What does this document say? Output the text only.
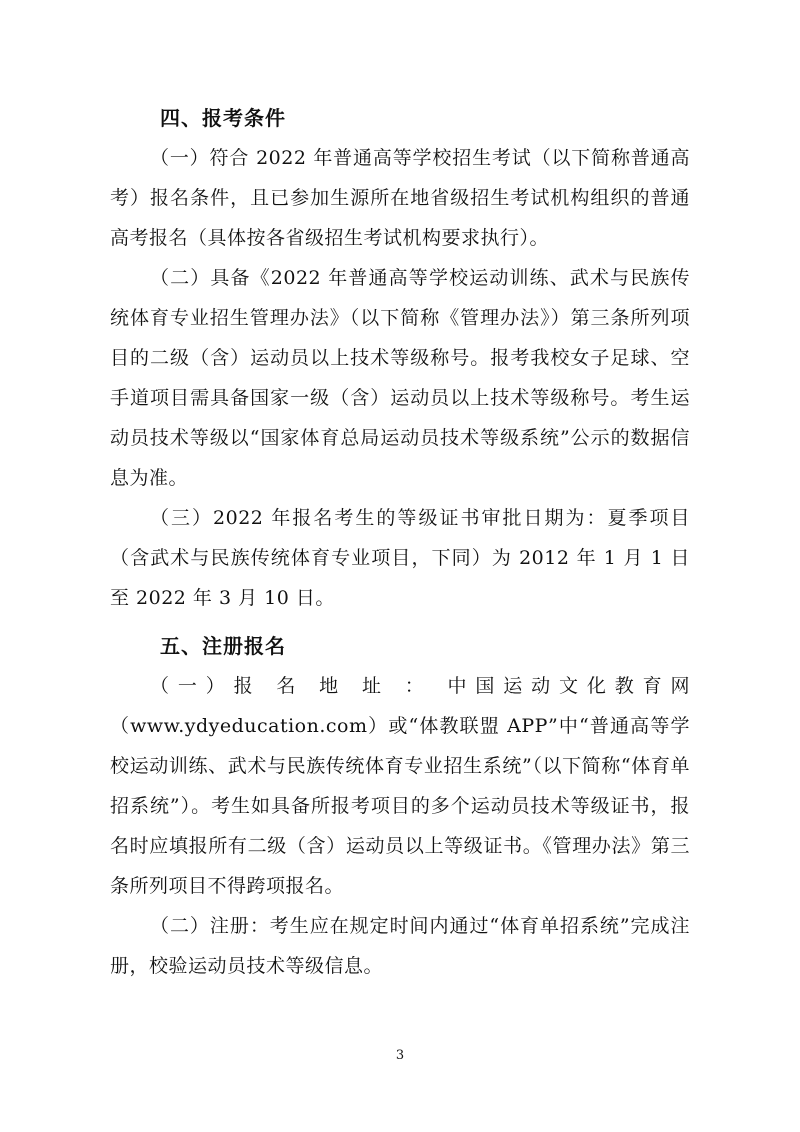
四、报考条件

（一）符合 2022 年普通高等学校招生考试（以下简称普通高考）报名条件，且已参加生源所在地省级招生考试机构组织的普通高考报名（具体按各省级招生考试机构要求执行）。

（二）具备《2022 年普通高等学校运动训练、武术与民族传统体育专业招生管理办法》（以下简称《管理办法》）第三条所列项目的二级（含）运动员以上技术等级称号。报考我校女子足球、空手道项目需具备国家一级（含）运动员以上技术等级称号。考生运动员技术等级以“国家体育总局运动员技术等级系统”公示的数据信息为准。

（三）2022 年报名考生的等级证书审批日期为：夏季项目（含武术与民族传统体育专业项目，下同）为 2012 年 1 月 1 日至 2022 年 3 月 10 日。

五、注册报名

（一）报 名 地 址 ： 中国运动文化教育网（www.ydyeducation.com）或“体教联盟 APP”中“普通高等学校运动训练、武术与民族传统体育专业招生系统”（以下简称“体育单招系统”）。考生如具备所报考项目的多个运动员技术等级证书，报名时应填报所有二级（含）运动员以上等级证书。《管理办法》第三条所列项目不得跨项报名。

（二）注册：考生应在规定时间内通过“体育单招系统”完成注册，校验运动员技术等级信息。

3
